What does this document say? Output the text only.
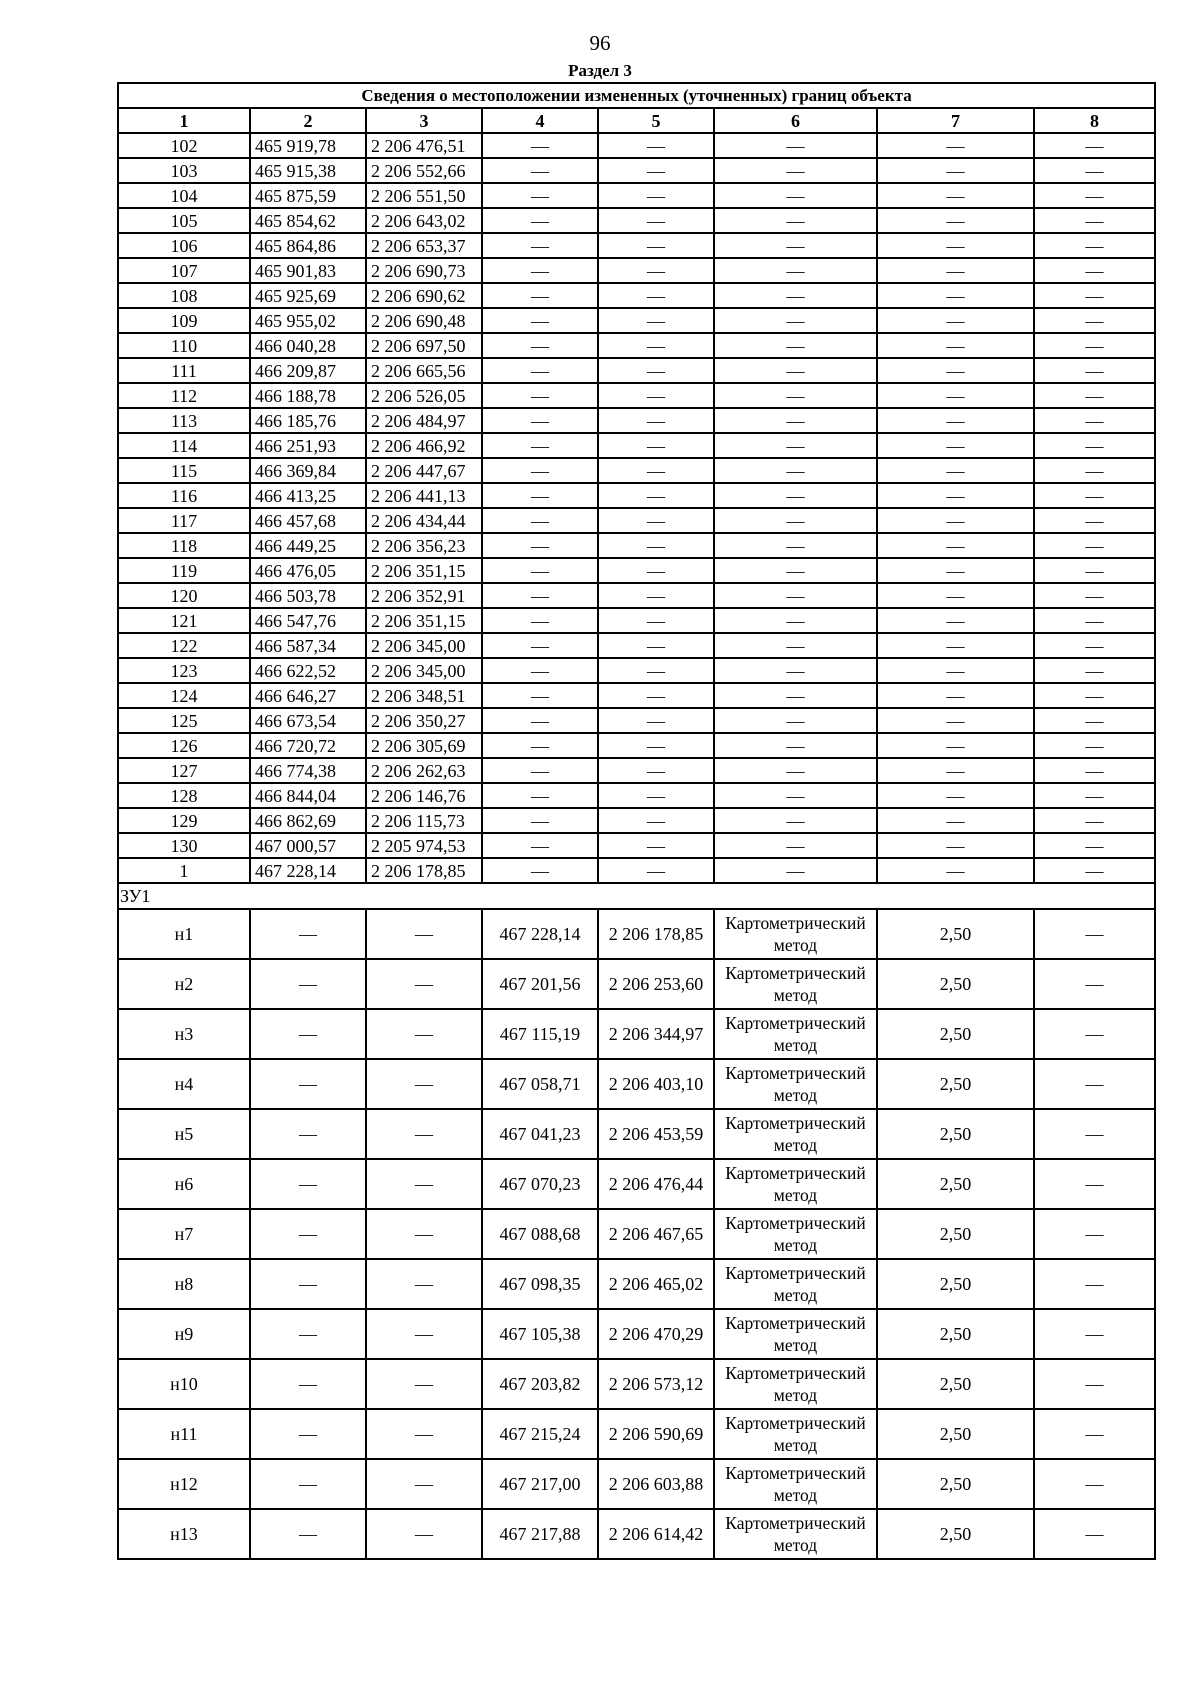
96
Раздел 3
Сведения о местоположении измененных (уточненных) границ объекта							
1	2	3	4	5	6	7	8
102	465 919,78	2 206 476,51	—	—	—	—	—
103	465 915,38	2 206 552,66	—	—	—	—	—
104	465 875,59	2 206 551,50	—	—	—	—	—
105	465 854,62	2 206 643,02	—	—	—	—	—
106	465 864,86	2 206 653,37	—	—	—	—	—
107	465 901,83	2 206 690,73	—	—	—	—	—
108	465 925,69	2 206 690,62	—	—	—	—	—
109	465 955,02	2 206 690,48	—	—	—	—	—
110	466 040,28	2 206 697,50	—	—	—	—	—
111	466 209,87	2 206 665,56	—	—	—	—	—
112	466 188,78	2 206 526,05	—	—	—	—	—
113	466 185,76	2 206 484,97	—	—	—	—	—
114	466 251,93	2 206 466,92	—	—	—	—	—
115	466 369,84	2 206 447,67	—	—	—	—	—
116	466 413,25	2 206 441,13	—	—	—	—	—
117	466 457,68	2 206 434,44	—	—	—	—	—
118	466 449,25	2 206 356,23	—	—	—	—	—
119	466 476,05	2 206 351,15	—	—	—	—	—
120	466 503,78	2 206 352,91	—	—	—	—	—
121	466 547,76	2 206 351,15	—	—	—	—	—
122	466 587,34	2 206 345,00	—	—	—	—	—
123	466 622,52	2 206 345,00	—	—	—	—	—
124	466 646,27	2 206 348,51	—	—	—	—	—
125	466 673,54	2 206 350,27	—	—	—	—	—
126	466 720,72	2 206 305,69	—	—	—	—	—
127	466 774,38	2 206 262,63	—	—	—	—	—
128	466 844,04	2 206 146,76	—	—	—	—	—
129	466 862,69	2 206 115,73	—	—	—	—	—
130	467 000,57	2 205 974,53	—	—	—	—	—
1	467 228,14	2 206 178,85	—	—	—	—	—
ЗУ1							
н1	—	—	467 228,14	2 206 178,85	Картометрический метод	2,50	—
н2	—	—	467 201,56	2 206 253,60	Картометрический метод	2,50	—
н3	—	—	467 115,19	2 206 344,97	Картометрический метод	2,50	—
н4	—	—	467 058,71	2 206 403,10	Картометрический метод	2,50	—
н5	—	—	467 041,23	2 206 453,59	Картометрический метод	2,50	—
н6	—	—	467 070,23	2 206 476,44	Картометрический метод	2,50	—
н7	—	—	467 088,68	2 206 467,65	Картометрический метод	2,50	—
н8	—	—	467 098,35	2 206 465,02	Картометрический метод	2,50	—
н9	—	—	467 105,38	2 206 470,29	Картометрический метод	2,50	—
н10	—	—	467 203,82	2 206 573,12	Картометрический метод	2,50	—
н11	—	—	467 215,24	2 206 590,69	Картометрический метод	2,50	—
н12	—	—	467 217,00	2 206 603,88	Картометрический метод	2,50	—
н13	—	—	467 217,88	2 206 614,42	Картометрический метод	2,50	—
